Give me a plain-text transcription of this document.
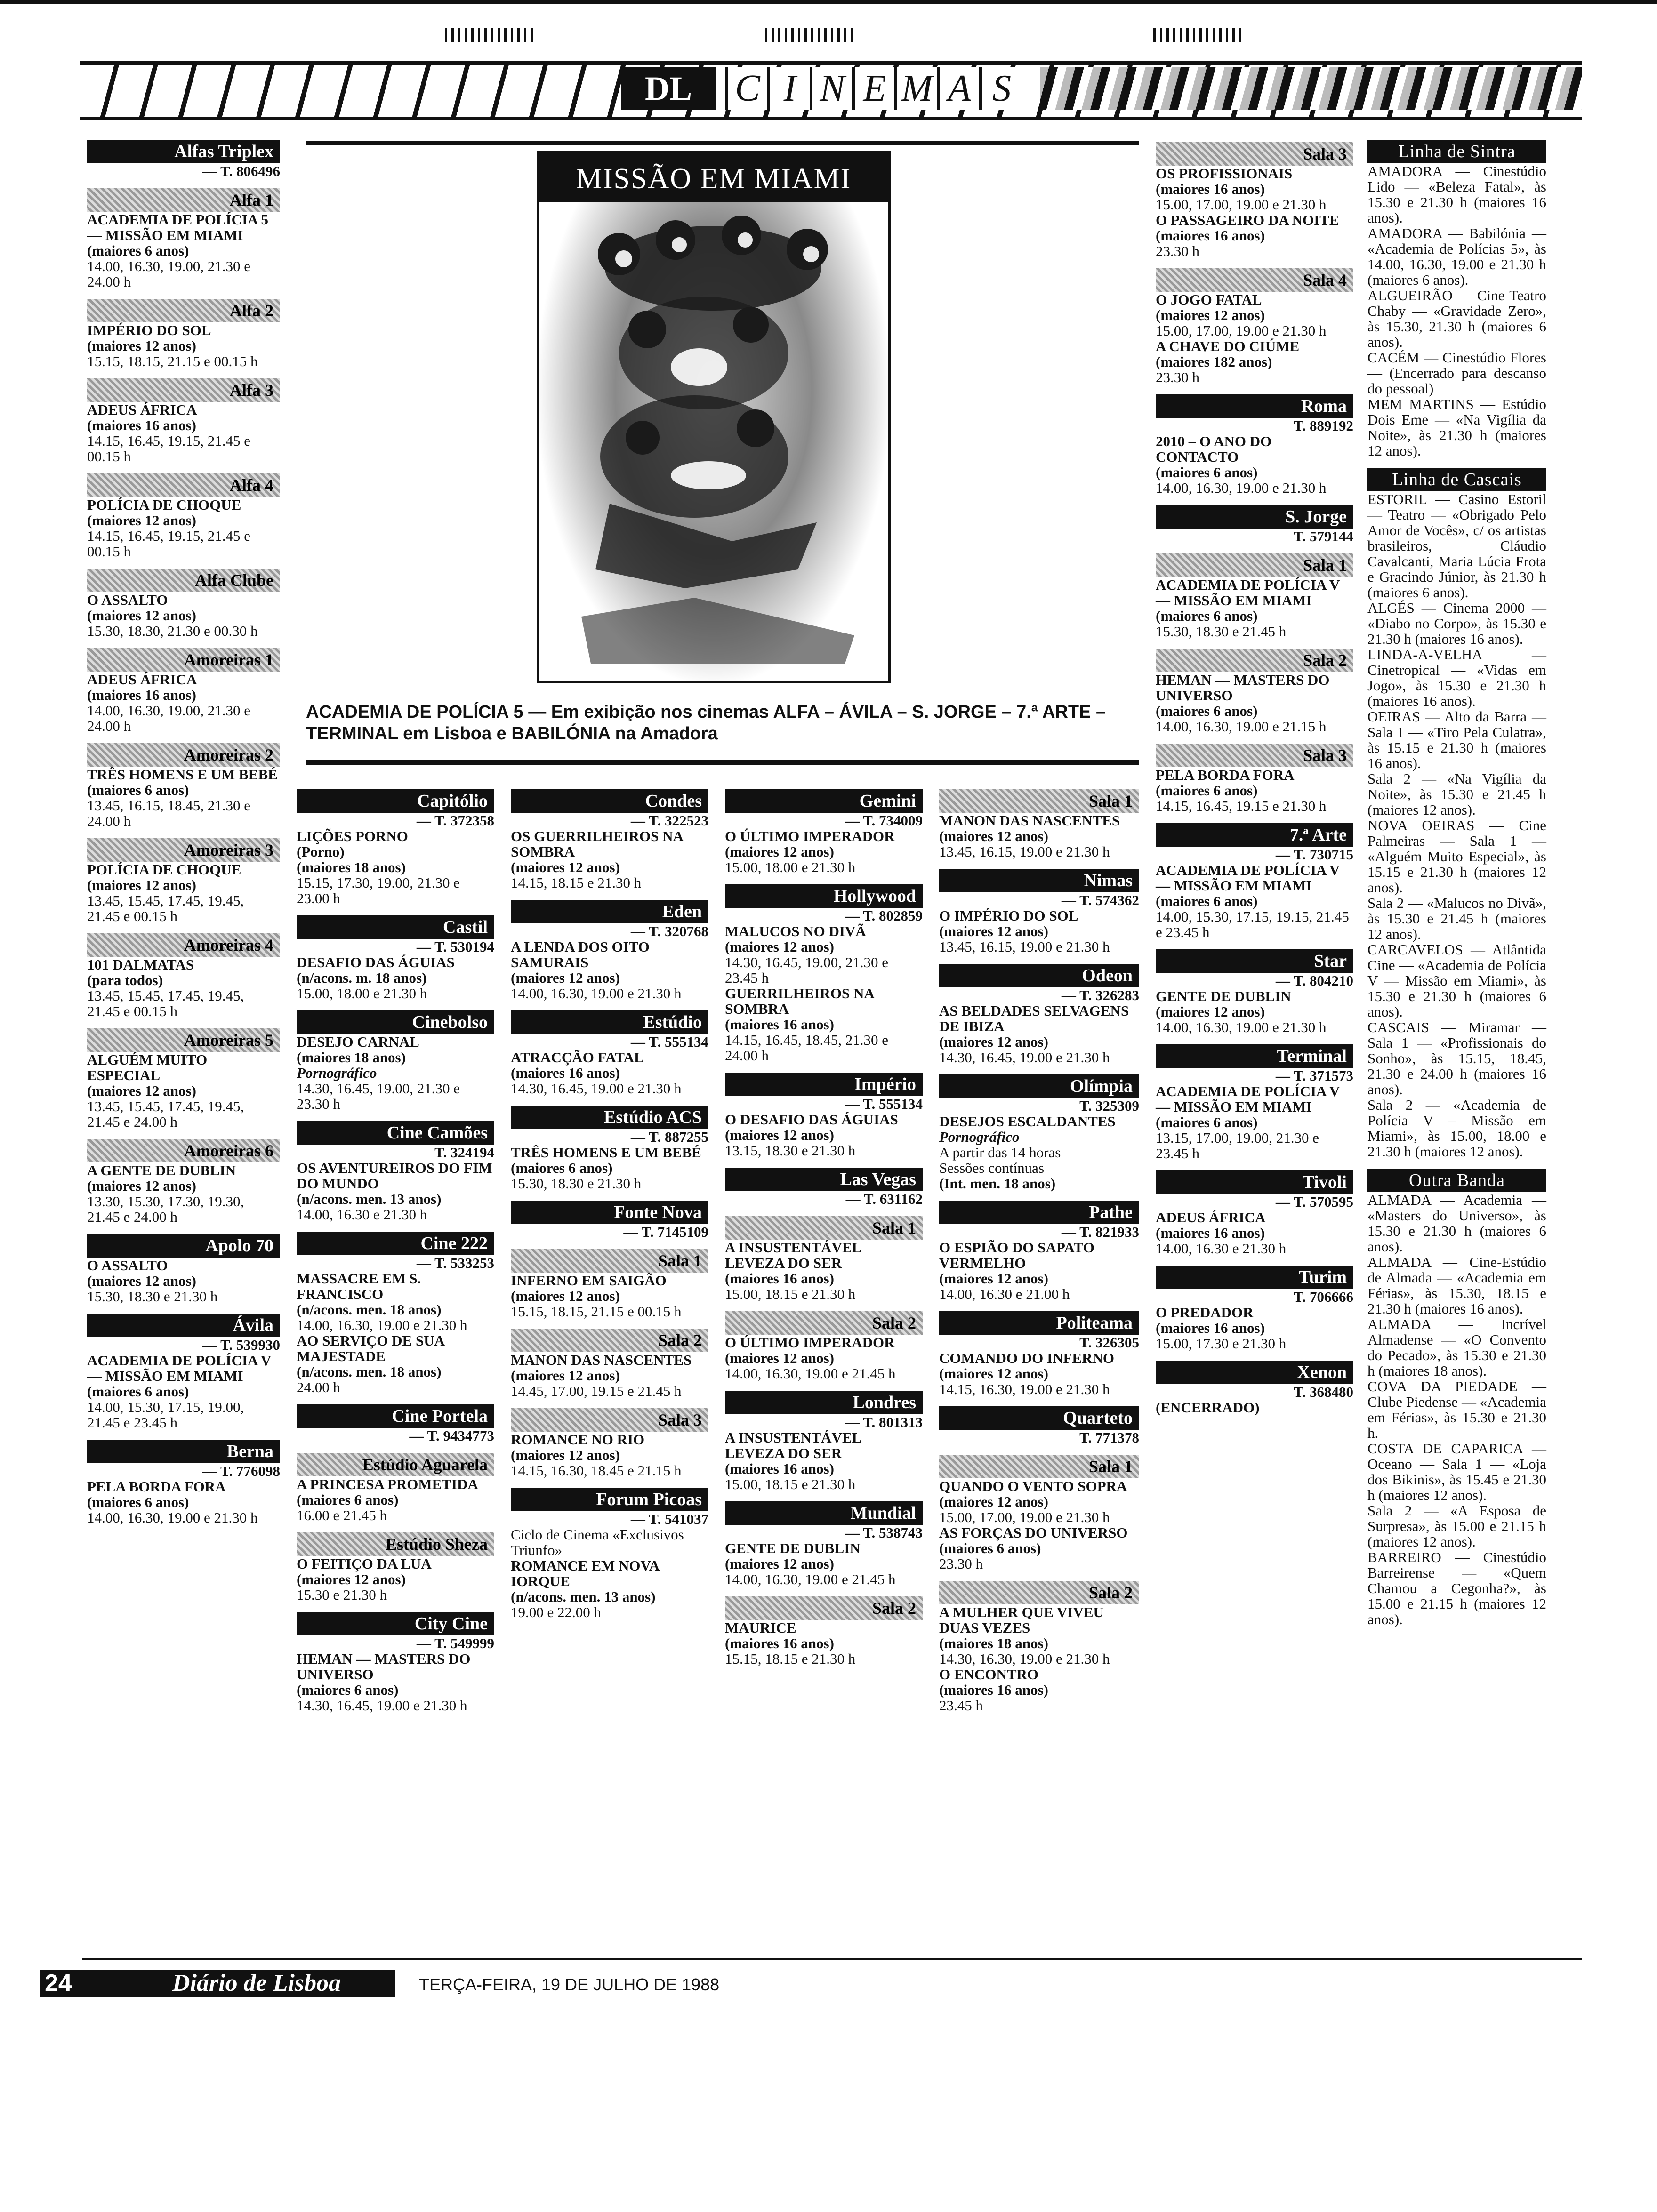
DL	C I N E M A S
MISSÃO EM MIAMI
ACADEMIA DE POLÍCIA 5 — Em exibição nos cinemas ALFA – ÁVILA – S. JORGE – 7.ª ARTE – TERMINAL em Lisboa e BABILÓNIA na Amadora
Alfas Triplex
— T. 806496
Alfa 1
ACADEMIA DE POLÍCIA 5 — MISSÃO EM MIAMI
(maiores 6 anos)
14.00, 16.30, 19.00, 21.30 e 24.00 h
Alfa 2
IMPÉRIO DO SOL
(maiores 12 anos)
15.15, 18.15, 21.15 e 00.15 h
Alfa 3
ADEUS ÁFRICA
(maiores 16 anos)
14.15, 16.45, 19.15, 21.45 e 00.15 h
Alfa 4
POLÍCIA DE CHOQUE
(maiores 12 anos)
14.15, 16.45, 19.15, 21.45 e 00.15 h
Alfa Clube
O ASSALTO
(maiores 12 anos)
15.30, 18.30, 21.30 e 00.30 h
Amoreiras 1
ADEUS ÁFRICA
(maiores 16 anos)
14.00, 16.30, 19.00, 21.30 e 24.00 h
Amoreiras 2
TRÊS HOMENS E UM BEBÉ
(maiores 6 anos)
13.45, 16.15, 18.45, 21.30 e 24.00 h
Amoreiras 3
POLÍCIA DE CHOQUE
(maiores 12 anos)
13.45, 15.45, 17.45, 19.45, 21.45 e 00.15 h
Amoreiras 4
101 DALMATAS
(para todos)
13.45, 15.45, 17.45, 19.45, 21.45 e 00.15 h
Amoreiras 5
ALGUÉM MUITO ESPECIAL
(maiores 12 anos)
13.45, 15.45, 17.45, 19.45, 21.45 e 24.00 h
Amoreiras 6
A GENTE DE DUBLIN
(maiores 12 anos)
13.30, 15.30, 17.30, 19.30, 21.45 e 24.00 h
Apolo 70
O ASSALTO
(maiores 12 anos)
15.30, 18.30 e 21.30 h
Ávila
— T. 539930
ACADEMIA DE POLÍCIA V — MISSÃO EM MIAMI
(maiores 6 anos)
14.00, 15.30, 17.15, 19.00, 21.45 e 23.45 h
Berna
— T. 776098
PELA BORDA FORA
(maiores 6 anos)
14.00, 16.30, 19.00 e 21.30 h
Capitólio
— T. 372358
LIÇÕES PORNO
(Porno)
(maiores 18 anos)
15.15, 17.30, 19.00, 21.30 e 23.00 h
Castil
— T. 530194
DESAFIO DAS ÁGUIAS
(n/acons. m. 18 anos)
15.00, 18.00 e 21.30 h
Cinebolso
DESEJO CARNAL
(maiores 18 anos)
Pornográfico
14.30, 16.45, 19.00, 21.30 e 23.30 h
Cine Camões
T. 324194
OS AVENTUREIROS DO FIM DO MUNDO
(n/acons. men. 13 anos)
14.00, 16.30 e 21.30 h
Cine 222
— T. 533253
MASSACRE EM S. FRANCISCO
(n/acons. men. 18 anos)
14.00, 16.30, 19.00 e 21.30 h
AO SERVIÇO DE SUA MAJESTADE
(n/acons. men. 18 anos)
24.00 h
Cine Portela
— T. 9434773
Estúdio Aguarela
A PRINCESA PROMETIDA
(maiores 6 anos)
16.00 e 21.45 h
Estúdio Sheza
O FEITIÇO DA LUA
(maiores 12 anos)
15.30 e 21.30 h
City Cine
— T. 549999
HEMAN — MASTERS DO UNIVERSO
(maiores 6 anos)
14.30, 16.45, 19.00 e 21.30 h
Condes
— T. 322523
OS GUERRILHEIROS NA SOMBRA
(maiores 12 anos)
14.15, 18.15 e 21.30 h
Eden
— T. 320768
A LENDA DOS OITO SAMURAIS
(maiores 12 anos)
14.00, 16.30, 19.00 e 21.30 h
Estúdio
— T. 555134
ATRACÇÃO FATAL
(maiores 16 anos)
14.30, 16.45, 19.00 e 21.30 h
Estúdio ACS
— T. 887255
TRÊS HOMENS E UM BEBÉ
(maiores 6 anos)
15.30, 18.30 e 21.30 h
Fonte Nova
— T. 7145109
Sala 1
INFERNO EM SAIGÃO
(maiores 12 anos)
15.15, 18.15, 21.15 e 00.15 h
Sala 2
MANON DAS NASCENTES
(maiores 12 anos)
14.45, 17.00, 19.15 e 21.45 h
Sala 3
ROMANCE NO RIO
(maiores 12 anos)
14.15, 16.30, 18.45 e 21.15 h
Forum Picoas
— T. 541037
Ciclo de Cinema «Exclusivos Triunfo»
ROMANCE EM NOVA IORQUE
(n/acons. men. 13 anos)
19.00 e 22.00 h
Gemini
— T. 734009
O ÚLTIMO IMPERADOR
(maiores 12 anos)
15.00, 18.00 e 21.30 h
Hollywood
— T. 802859
MALUCOS NO DIVÃ
(maiores 12 anos)
14.30, 16.45, 19.00, 21.30 e 23.45 h
GUERRILHEIROS NA SOMBRA
(maiores 16 anos)
14.15, 16.45, 18.45, 21.30 e 24.00 h
Império
— T. 555134
O DESAFIO DAS ÁGUIAS
(maiores 12 anos)
13.15, 18.30 e 21.30 h
Las Vegas
— T. 631162
Sala 1
A INSUSTENTÁVEL LEVEZA DO SER
(maiores 16 anos)
15.00, 18.15 e 21.30 h
Sala 2
O ÚLTIMO IMPERADOR
(maiores 12 anos)
14.00, 16.30, 19.00 e 21.45 h
Londres
— T. 801313
A INSUSTENTÁVEL LEVEZA DO SER
(maiores 16 anos)
15.00, 18.15 e 21.30 h
Mundial
— T. 538743
GENTE DE DUBLIN
(maiores 12 anos)
14.00, 16.30, 19.00 e 21.45 h
Sala 2
MAURICE
(maiores 16 anos)
15.15, 18.15 e 21.30 h
Sala 1
MANON DAS NASCENTES
(maiores 12 anos)
13.45, 16.15, 19.00 e 21.30 h
Nimas
— T. 574362
O IMPÉRIO DO SOL
(maiores 12 anos)
13.45, 16.15, 19.00 e 21.30 h
Odeon
— T. 326283
AS BELDADES SELVAGENS DE IBIZA
(maiores 12 anos)
14.30, 16.45, 19.00 e 21.30 h
Olímpia
T. 325309
DESEJOS ESCALDANTES
Pornográfico
A partir das 14 horas
Sessões contínuas
(Int. men. 18 anos)
Pathe
— T. 821933
O ESPIÃO DO SAPATO VERMELHO
(maiores 12 anos)
14.00, 16.30 e 21.00 h
Politeama
T. 326305
COMANDO DO INFERNO
(maiores 12 anos)
14.15, 16.30, 19.00 e 21.30 h
Quarteto
T. 771378
Sala 1
QUANDO O VENTO SOPRA
(maiores 12 anos)
15.00, 17.00, 19.00 e 21.30 h
AS FORÇAS DO UNIVERSO
(maiores 6 anos)
23.30 h
Sala 2
A MULHER QUE VIVEU DUAS VEZES
(maiores 18 anos)
14.30, 16.30, 19.00 e 21.30 h
O ENCONTRO
(maiores 16 anos)
23.45 h
Sala 3
OS PROFISSIONAIS
(maiores 16 anos)
15.00, 17.00, 19.00 e 21.30 h
O PASSAGEIRO DA NOITE
(maiores 16 anos)
23.30 h
Sala 4
O JOGO FATAL
(maiores 12 anos)
15.00, 17.00, 19.00 e 21.30 h
A CHAVE DO CIÚME
(maiores 182 anos)
23.30 h
Roma
T. 889192
2010 – O ANO DO CONTACTO
(maiores 6 anos)
14.00, 16.30, 19.00 e 21.30 h
S. Jorge
T. 579144
Sala 1
ACADEMIA DE POLÍCIA V — MISSÃO EM MIAMI
(maiores 6 anos)
15.30, 18.30 e 21.45 h
Sala 2
HEMAN — MASTERS DO UNIVERSO
(maiores 6 anos)
14.00, 16.30, 19.00 e 21.15 h
Sala 3
PELA BORDA FORA
(maiores 6 anos)
14.15, 16.45, 19.15 e 21.30 h
7.ª Arte
— T. 730715
ACADEMIA DE POLÍCIA V — MISSÃO EM MIAMI
(maiores 6 anos)
14.00, 15.30, 17.15, 19.15, 21.45 e 23.45 h
Star
— T. 804210
GENTE DE DUBLIN
(maiores 12 anos)
14.00, 16.30, 19.00 e 21.30 h
Terminal
— T. 371573
ACADEMIA DE POLÍCIA V — MISSÃO EM MIAMI
(maiores 6 anos)
13.15, 17.00, 19.00, 21.30 e 23.45 h
Tivoli
— T. 570595
ADEUS ÁFRICA
(maiores 16 anos)
14.00, 16.30 e 21.30 h
Turim
T. 706666
O PREDADOR
(maiores 16 anos)
15.00, 17.30 e 21.30 h
Xenon
T. 368480
(ENCERRADO)
Linha de Sintra
AMADORA — Cinestúdio Lido — «Beleza Fatal», às 15.30 e 21.30 h (maiores 16 anos).
AMADORA — Babilónia — «Academia de Polícias 5», às 14.00, 16.30, 19.00 e 21.30 h (maiores 6 anos).
ALGUEIRÃO — Cine Teatro Chaby — «Gravidade Zero», às 15.30, 21.30 h (maiores 6 anos).
CACÉM — Cinestúdio Flores — (Encerrado para descanso do pessoal)
MEM MARTINS — Estúdio Dois Eme — «Na Vigília da Noite», às 21.30 h (maiores 12 anos).
Linha de Cascais
ESTORIL — Casino Estoril — Teatro — «Obrigado Pelo Amor de Vocês», c/ os artistas brasileiros, Cláudio Cavalcanti, Maria Lúcia Frota e Gracindo Júnior, às 21.30 h (maiores 6 anos).
ALGÉS — Cinema 2000 — «Diabo no Corpo», às 15.30 e 21.30 h (maiores 16 anos).
LINDA-A-VELHA — Cinetropical — «Vidas em Jogo», às 15.30 e 21.30 h (maiores 16 anos).
OEIRAS — Alto da Barra — Sala 1 — «Tiro Pela Culatra», às 15.15 e 21.30 h (maiores 16 anos).
Sala 2 — «Na Vigília da Noite», às 15.30 e 21.45 h (maiores 12 anos).
NOVA OEIRAS — Cine Palmeiras — Sala 1 — «Alguém Muito Especial», às 15.15 e 21.30 h (maiores 12 anos).
Sala 2 — «Malucos no Divã», às 15.30 e 21.45 h (maiores 12 anos).
CARCAVELOS — Atlântida Cine — «Academia de Polícia V — Missão em Miami», às 15.30 e 21.30 h (maiores 6 anos).
CASCAIS — Miramar — Sala 1 — «Profissionais do Sonho», às 15.15, 18.45, 21.30 e 24.00 h (maiores 16 anos).
Sala 2 — «Academia de Polícia V – Missão em Miami», às 15.00, 18.00 e 21.30 h (maiores 12 anos).
Outra Banda
ALMADA — Academia — «Masters do Universo», às 15.30 e 21.30 h (maiores 6 anos).
ALMADA — Cine-Estúdio de Almada — «Academia em Férias», às 15.30, 18.15 e 21.30 h (maiores 16 anos).
ALMADA — Incrível Almadense — «O Convento do Pecado», às 15.30 e 21.30 h (maiores 18 anos).
COVA DA PIEDADE — Clube Piedense — «Academia em Férias», às 15.30 e 21.30 h.
COSTA DE CAPARICA — Oceano — Sala 1 — «Loja dos Bikinis», às 15.45 e 21.30 h (maiores 12 anos).
Sala 2 — «A Esposa de Surpresa», às 15.00 e 21.15 h (maiores 12 anos).
BARREIRO — Cinestúdio Barreirense — «Quem Chamou a Cegonha?», às 15.00 e 21.15 h (maiores 12 anos).
24	Diário de Lisboa	TERÇA-FEIRA, 19 DE JULHO DE 1988
